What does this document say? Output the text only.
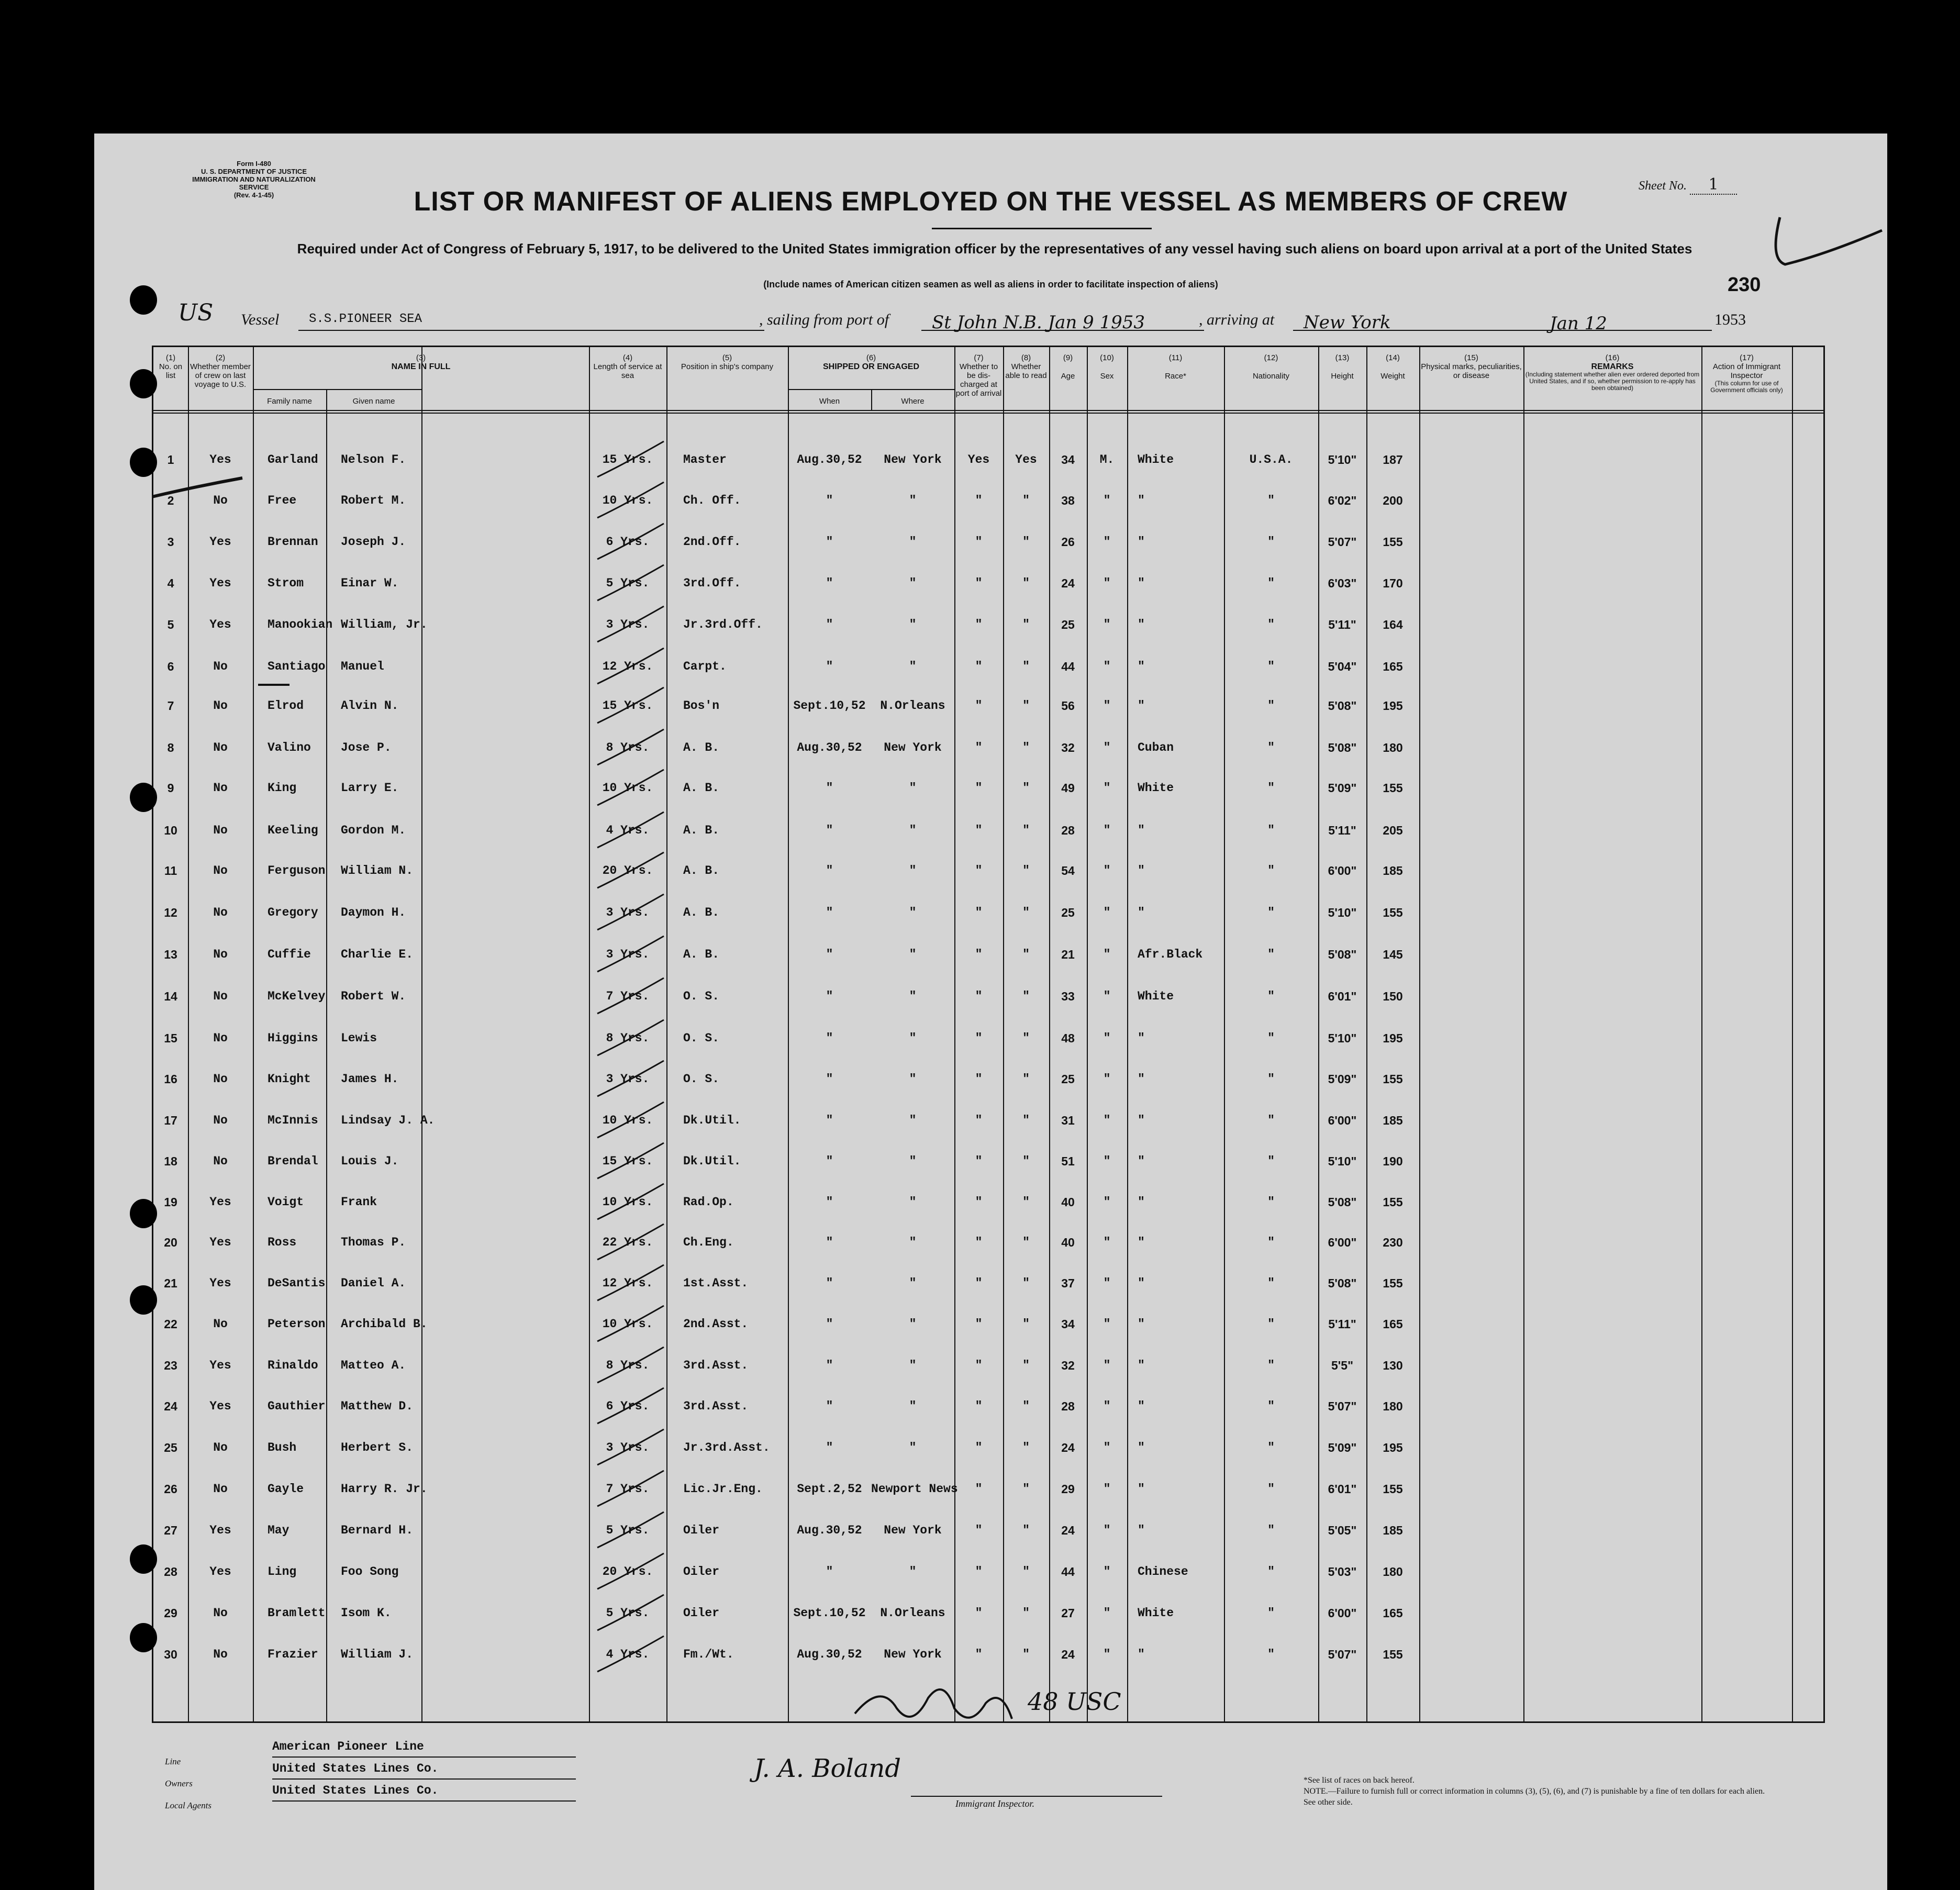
Form I-480
U. S. DEPARTMENT OF JUSTICE
IMMIGRATION AND NATURALIZATION SERVICE
(Rev. 4-1-45)
Sheet No. 1
LIST OR MANIFEST OF ALIENS EMPLOYED ON THE VESSEL AS MEMBERS OF CREW
Required under Act of Congress of February 5, 1917, to be delivered to the United States immigration officer by the representatives of any vessel having such aliens on board upon arrival at a port of the United States
(Include names of American citizen seamen as well as aliens in order to facilitate inspection of aliens)	230
US Vessel	S.S.PIONEER SEA	, sailing from port of	St John N.B. Jan 9 1953	, arriving at	New York	Jan 12	1953
(1)
No. on list
(2)
Whether member of crew on last voyage to U.S.
(3)
NAME IN FULL
Family name	Given name
(4)
Length of service at sea
(5)
Position in ship's company
(6)
SHIPPED OR ENGAGED
When	Where
(7)
Whether to be dis-charged at port of arrival
(8)
Whether able to read
(9)
Age
(10)
Sex
(11)
Race*
(12)
Nationality
(13)
Height
(14)
Weight
(15)
Physical marks, peculiarities, or disease
(16)
REMARKS
(Including statement whether alien ever ordered deported from United States, and if so, whether permission to re-apply has been obtained)
(17)
Action of Immigrant Inspector
(This column for use of Government officials only)
1	Yes	Garland	Nelson F.	15 Yrs.	Master	Aug.30,52	New York	Yes	Yes	34	M.	White	U.S.A.	5'10"	187
2	No	Free	Robert M.	10 Yrs.	Ch. Off.	"	"	"	"	38	"	"	"	6'02"	200
3	Yes	Brennan	Joseph J.	6 Yrs.	2nd.Off.	"	"	"	"	26	"	"	"	5'07"	155
4	Yes	Strom	Einar W.	5 Yrs.	3rd.Off.	"	"	"	"	24	"	"	"	6'03"	170
5	Yes	Manookian William, Jr.	3 Yrs.	Jr.3rd.Off.	"	"	"	"	25	"	"	"	5'11"	164
6	No	Santiago Manuel	12 Yrs.	Carpt.	"	"	"	"	44	"	"	"	5'04"	165
7	No	Elrod	Alvin N.	15 Yrs.	Bos'n	Sept.10,52	N.Orleans	"	"	56	"	"	"	5'08"	195
8	No	Valino	Jose P.	8 Yrs.	A. B.	Aug.30,52	New York	"	"	32	"	Cuban	"	5'08"	180
9	No	King	Larry E.	10 Yrs.	A. B.	"	"	"	"	49	"	White	"	5'09"	155
10	No	Keeling	Gordon M.	4 Yrs.	A. B.	"	"	"	"	28	"	"	"	5'11"	205
11	No	Ferguson William N.	20 Yrs.	A. B.	"	"	"	"	54	"	"	"	6'00"	185
12	No	Gregory	Daymon H.	3 Yrs.	A. B.	"	"	"	"	25	"	"	"	5'10"	155
13	No	Cuffie	Charlie E.	3 Yrs.	A. B.	"	"	"	"	21	"	Afr.Black	"	5'08"	145
14	No	McKelvey Robert W.	7 Yrs.	O. S.	"	"	"	"	33	"	White	"	6'01"	150
15	No	Higgins	Lewis	8 Yrs.	O. S.	"	"	"	"	48	"	"	"	5'10"	195
16	No	Knight	James H.	3 Yrs.	O. S.	"	"	"	"	25	"	"	"	5'09"	155
17	No	McInnis	Lindsay J. A.	10 Yrs.	Dk.Util.	"	"	"	"	31	"	"	"	6'00"	185
18	No	Brendal	Louis J.	15 Yrs.	Dk.Util.	"	"	"	"	51	"	"	"	5'10"	190
19	Yes	Voigt	Frank	10 Yrs.	Rad.Op.	"	"	"	"	40	"	"	"	5'08"	155
20	Yes	Ross	Thomas P.	22 Yrs.	Ch.Eng.	"	"	"	"	40	"	"	"	6'00"	230
21	Yes	DeSantis Daniel A.	12 Yrs.	1st.Asst.	"	"	"	"	37	"	"	"	5'08"	155
22	No	Peterson Archibald B.	10 Yrs.	2nd.Asst.	"	"	"	"	34	"	"	"	5'11"	165
23	Yes	Rinaldo	Matteo A.	8 Yrs.	3rd.Asst.	"	"	"	"	32	"	"	"	5'5"	130
24	Yes	Gauthier Matthew D.	6 Yrs.	3rd.Asst.	"	"	"	"	28	"	"	"	5'07"	180
25	No	Bush	Herbert S.	3 Yrs.	Jr.3rd.Asst.	"	"	"	"	24	"	"	"	5'09"	195
26	No	Gayle	Harry R. Jr.	7 Yrs.	Lic.Jr.Eng.	Sept.2,52 Newport News	"	"	29	"	"	"	6'01"	155
27	Yes	May	Bernard H.	5 Yrs.	Oiler	Aug.30,52	New York	"	"	24	"	"	"	5'05"	185
28	Yes	Ling	Foo Song	20 Yrs.	Oiler	"	"	"	"	44	"	Chinese	"	5'03"	180
29	No	Bramlett Isom K.	5 Yrs.	Oiler	Sept.10,52	N.Orleans	"	"	27	"	White	"	6'00"	165
30	No	Frazier	William J.	4 Yrs.	Fm./Wt.	Aug.30,52	New York	"	"	24	"	"	"	5'07"	155
48 USC
Line
American Pioneer Line
Owners
United States Lines Co.
Local Agents
United States Lines Co.
J. A. Boland
Immigrant Inspector.
*See list of races on back hereof.
NOTE.—Failure to furnish full or correct information in columns (3), (5), (6), and (7) is punishable by a fine of ten dollars for each alien. See other side.
